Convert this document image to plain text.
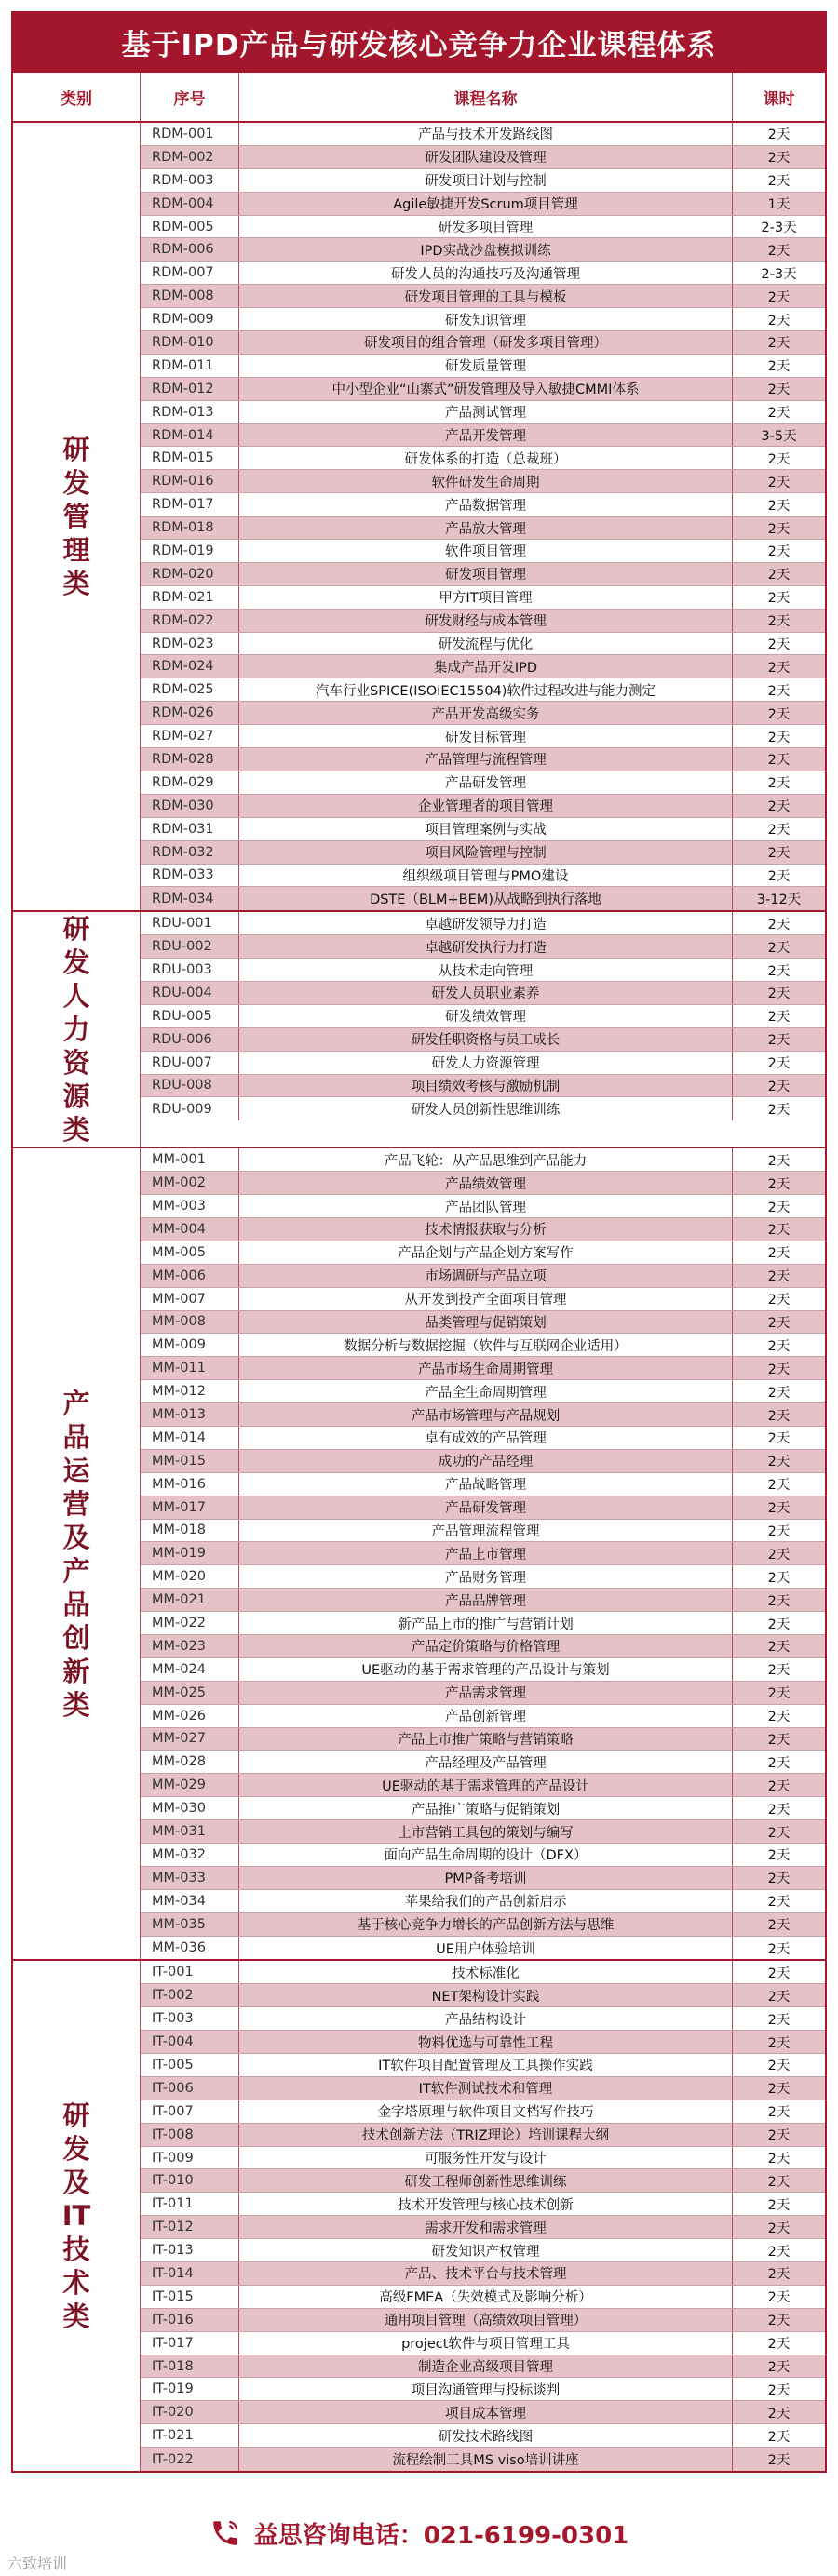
基于IPD产品与研发核心竞争力企业课程体系
类别	序号	课程名称	课时
研发管理类
RDM-001	产品与技术开发路线图	2天
RDM-002	研发团队建设及管理	2天
RDM-003	研发项目计划与控制	2天
RDM-004	Agile敏捷开发Scrum项目管理	1天
RDM-005	研发多项目管理	2-3天
RDM-006	IPD实战沙盘模拟训练	2天
RDM-007	研发人员的沟通技巧及沟通管理	2-3天
RDM-008	研发项目管理的工具与模板	2天
RDM-009	研发知识管理	2天
RDM-010	研发项目的组合管理（研发多项目管理）	2天
RDM-011	研发质量管理	2天
RDM-012	中小型企业“山寨式”研发管理及导入敏捷CMMI体系	2天
RDM-013	产品测试管理	2天
RDM-014	产品开发管理	3-5天
RDM-015	研发体系的打造（总裁班）	2天
RDM-016	软件研发生命周期	2天
RDM-017	产品数据管理	2天
RDM-018	产品放大管理	2天
RDM-019	软件项目管理	2天
RDM-020	研发项目管理	2天
RDM-021	甲方IT项目管理	2天
RDM-022	研发财经与成本管理	2天
RDM-023	研发流程与优化	2天
RDM-024	集成产品开发IPD	2天
RDM-025	汽车行业SPICE(ISOIEC15504)软件过程改进与能力测定	2天
RDM-026	产品开发高级实务	2天
RDM-027	研发目标管理	2天
RDM-028	产品管理与流程管理	2天
RDM-029	产品研发管理	2天
RDM-030	企业管理者的项目管理	2天
RDM-031	项目管理案例与实战	2天
RDM-032	项目风险管理与控制	2天
RDM-033	组织级项目管理与PMO建设	2天
RDM-034	DSTE（BLM+BEM)从战略到执行落地	3-12天
研发人力资源类
RDU-001	卓越研发领导力打造	2天
RDU-002	卓越研发执行力打造	2天
RDU-003	从技术走向管理	2天
RDU-004	研发人员职业素养	2天
RDU-005	研发绩效管理	2天
RDU-006	研发任职资格与员工成长	2天
RDU-007	研发人力资源管理	2天
RDU-008	项目绩效考核与激励机制	2天
RDU-009	研发人员创新性思维训练	2天
产品运营及产品创新类
MM-001	产品飞轮：从产品思维到产品能力	2天
MM-002	产品绩效管理	2天
MM-003	产品团队管理	2天
MM-004	技术情报获取与分析	2天
MM-005	产品企划与产品企划方案写作	2天
MM-006	市场调研与产品立项	2天
MM-007	从开发到投产全面项目管理	2天
MM-008	品类管理与促销策划	2天
MM-009	数据分析与数据挖掘（软件与互联网企业适用）	2天
MM-011	产品市场生命周期管理	2天
MM-012	产品全生命周期管理	2天
MM-013	产品市场管理与产品规划	2天
MM-014	卓有成效的产品管理	2天
MM-015	成功的产品经理	2天
MM-016	产品战略管理	2天
MM-017	产品研发管理	2天
MM-018	产品管理流程管理	2天
MM-019	产品上市管理	2天
MM-020	产品财务管理	2天
MM-021	产品品牌管理	2天
MM-022	新产品上市的推广与营销计划	2天
MM-023	产品定价策略与价格管理	2天
MM-024	UE驱动的基于需求管理的产品设计与策划	2天
MM-025	产品需求管理	2天
MM-026	产品创新管理	2天
MM-027	产品上市推广策略与营销策略	2天
MM-028	产品经理及产品管理	2天
MM-029	UE驱动的基于需求管理的产品设计	2天
MM-030	产品推广策略与促销策划	2天
MM-031	上市营销工具包的策划与编写	2天
MM-032	面向产品生命周期的设计（DFX）	2天
MM-033	PMP备考培训	2天
MM-034	苹果给我们的产品创新启示	2天
MM-035	基于核心竞争力增长的产品创新方法与思维	2天
MM-036	UE用户体验培训	2天
研发及IT技术类
IT-001	技术标准化	2天
IT-002	NET架构设计实践	2天
IT-003	产品结构设计	2天
IT-004	物料优选与可靠性工程	2天
IT-005	IT软件项目配置管理及工具操作实践	2天
IT-006	IT软件测试技术和管理	2天
IT-007	金字塔原理与软件项目文档写作技巧	2天
IT-008	技术创新方法（TRIZ理论）培训课程大纲	2天
IT-009	可服务性开发与设计	2天
IT-010	研发工程师创新性思维训练	2天
IT-011	技术开发管理与核心技术创新	2天
IT-012	需求开发和需求管理	2天
IT-013	研发知识产权管理	2天
IT-014	产品、技术平台与技术管理	2天
IT-015	高级FMEA（失效模式及影响分析）	2天
IT-016	通用项目管理（高绩效项目管理）	2天
IT-017	project软件与项目管理工具	2天
IT-018	制造企业高级项目管理	2天
IT-019	项目沟通管理与投标谈判	2天
IT-020	项目成本管理	2天
IT-021	研发技术路线图	2天
IT-022	流程绘制工具MS viso培训讲座	2天
益思咨询电话：021-6199-0301
六致培训
